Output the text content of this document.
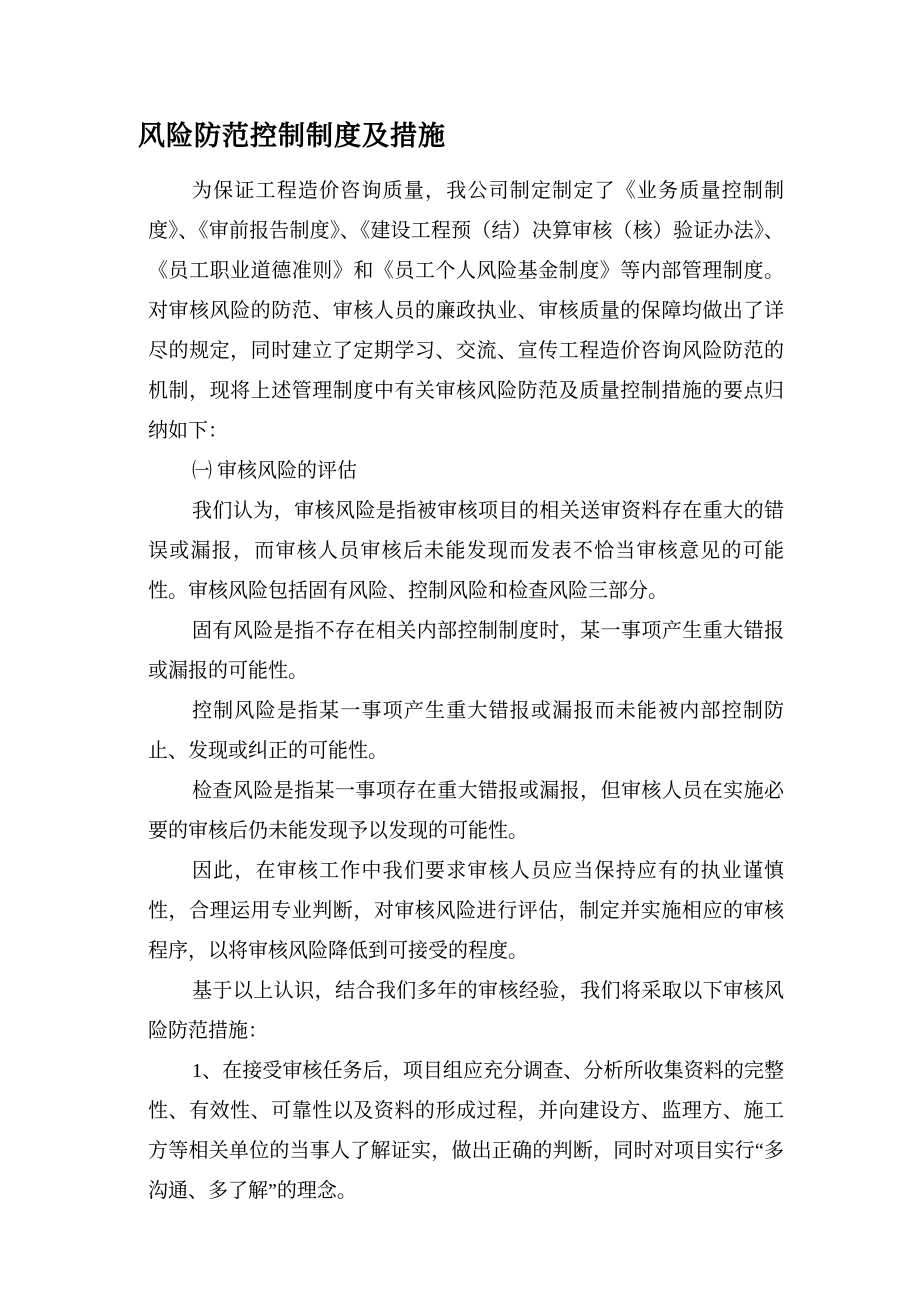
风险防范控制制度及措施

为保证工程造价咨询质量，我公司制定制定了《业务质量控制制度》、《审前报告制度》、《建设工程预（结）决算审核（核）验证办法》、《员工职业道德准则》和《员工个人风险基金制度》等内部管理制度。对审核风险的防范、审核人员的廉政执业、审核质量的保障均做出了详尽的规定，同时建立了定期学习、交流、宣传工程造价咨询风险防范的机制，现将上述管理制度中有关审核风险防范及质量控制措施的要点归纳如下：

㈠ 审核风险的评估

我们认为，审核风险是指被审核项目的相关送审资料存在重大的错误或漏报，而审核人员审核后未能发现而发表不恰当审核意见的可能性。审核风险包括固有风险、控制风险和检查风险三部分。

固有风险是指不存在相关内部控制制度时，某一事项产生重大错报或漏报的可能性。

控制风险是指某一事项产生重大错报或漏报而未能被内部控制防止、发现或纠正的可能性。

检查风险是指某一事项存在重大错报或漏报，但审核人员在实施必要的审核后仍未能发现予以发现的可能性。

因此，在审核工作中我们要求审核人员应当保持应有的执业谨慎性，合理运用专业判断，对审核风险进行评估，制定并实施相应的审核程序，以将审核风险降低到可接受的程度。

基于以上认识，结合我们多年的审核经验，我们将采取以下审核风险防范措施：

1、在接受审核任务后，项目组应充分调查、分析所收集资料的完整性、有效性、可靠性以及资料的形成过程，并向建设方、监理方、施工方等相关单位的当事人了解证实，做出正确的判断，同时对项目实行“多沟通、多了解”的理念。
